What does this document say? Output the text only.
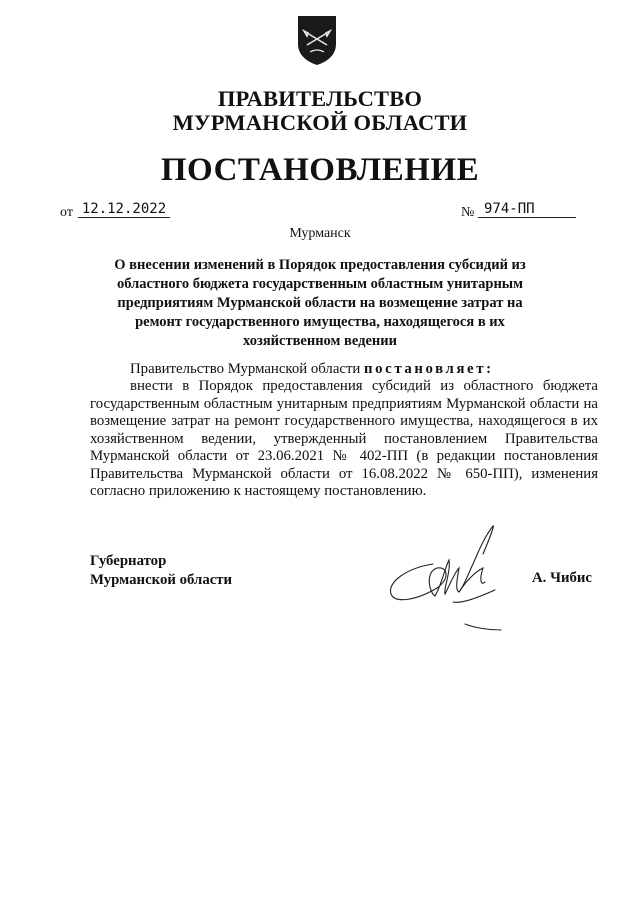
ПРАВИТЕЛЬСТВО
МУРМАНСКОЙ ОБЛАСТИ
ПОСТАНОВЛЕНИЕ
от 12.12.2022	№ 974-ПП
Мурманск
О внесении изменений в Порядок предоставления субсидий из областного бюджета государственным областным унитарным предприятиям Мурманской области на возмещение затрат на ремонт государственного имущества, находящегося в их хозяйственном ведении
Правительство Мурманской области постановляет:
внести в Порядок предоставления субсидий из областного бюджета государственным областным унитарным предприятиям Мурманской области на возмещение затрат на ремонт государственного имущества, находящегося в их хозяйственном ведении, утвержденный постановлением Правительства Мурманской области от 23.06.2021 № 402-ПП (в редакции постановления Правительства Мурманской области от 16.08.2022 № 650-ПП), изменения согласно приложению к настоящему постановлению.
Губернатор
Мурманской области	А. Чибис
